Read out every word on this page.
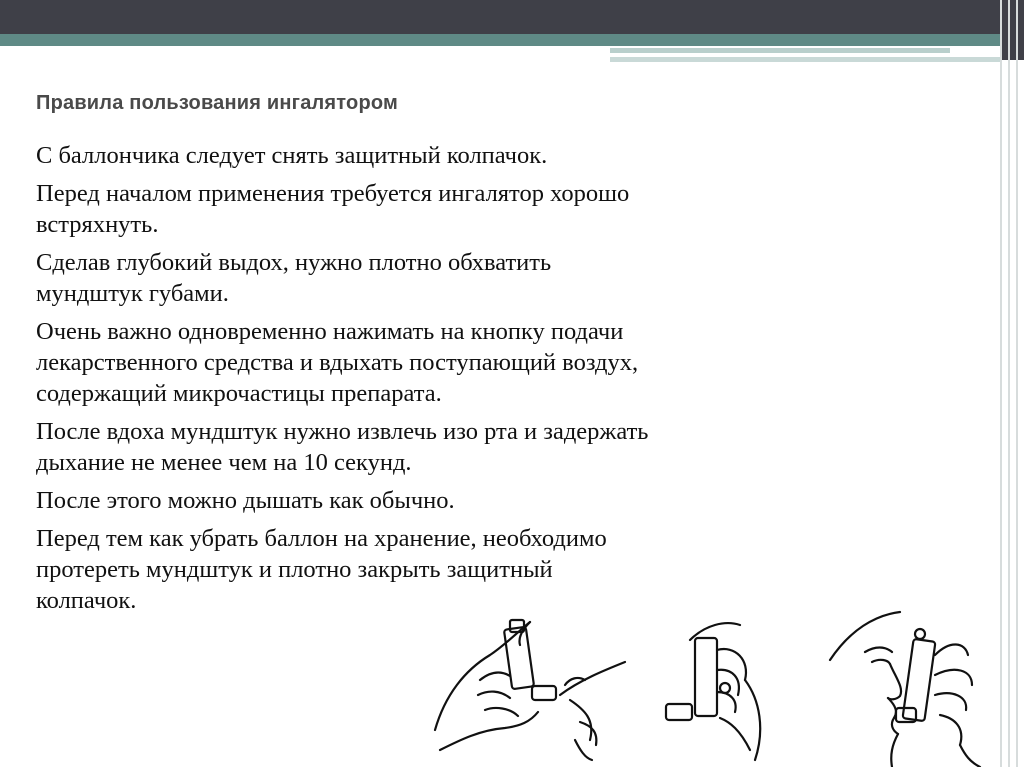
Правила пользования ингалятором

С баллончика следует снять защитный колпачок.

Перед началом применения требуется ингалятор хорошо встряхнуть.

Сделав глубокий выдох, нужно плотно обхватить мундштук губами.

Очень важно одновременно нажимать на кнопку подачи лекарственного средства и вдыхать поступающий воздух, содержащий микрочастицы препарата.

После вдоха мундштук нужно извлечь изо рта и задержать дыхание не менее чем на 10 секунд.

После этого можно дышать как обычно.

Перед тем как убрать баллон на хранение, необходимо протереть мундштук и плотно закрыть защитный колпачок.
